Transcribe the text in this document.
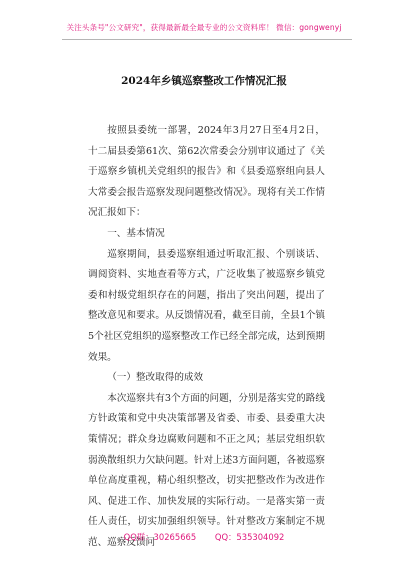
关注头条号"公文研究"，获得最新最全最专业的公文资料库！ 微信：gongwenyj
2024年乡镇巡察整改工作情况汇报

按照县委统一部署，2024年3月27日至4月2日，十二届县委第61次、第62次常委会分别审议通过了《关于巡察乡镇机关党组织的报告》和《县委巡察组向县人大常委会报告巡察发现问题整改情况》。现将有关工作情况汇报如下：

一、基本情况

巡察期间，县委巡察组通过听取汇报、个别谈话、调阅资料、实地查看等方式，广泛收集了被巡察乡镇党委和村级党组织存在的问题，指出了突出问题，提出了整改意见和要求。从反馈情况看，截至目前，全县1个镇5个社区党组织的巡察整改工作已经全部完成，达到预期效果。

（一）整改取得的成效

本次巡察共有3个方面的问题，分别是落实党的路线方针政策和党中央决策部署及省委、市委、县委重大决策情况；群众身边腐败问题和不正之风；基层党组织软弱涣散组织力欠缺问题。针对上述3方面问题，各被巡察单位高度重视，精心组织整改，切实把整改作为改进作风、促进工作、加快发展的实际行动。一是落实第一责任人责任，切实加强组织领导。针对整改方案制定不规范、巡察反馈问

QQ群：30265665 QQ：535304092
